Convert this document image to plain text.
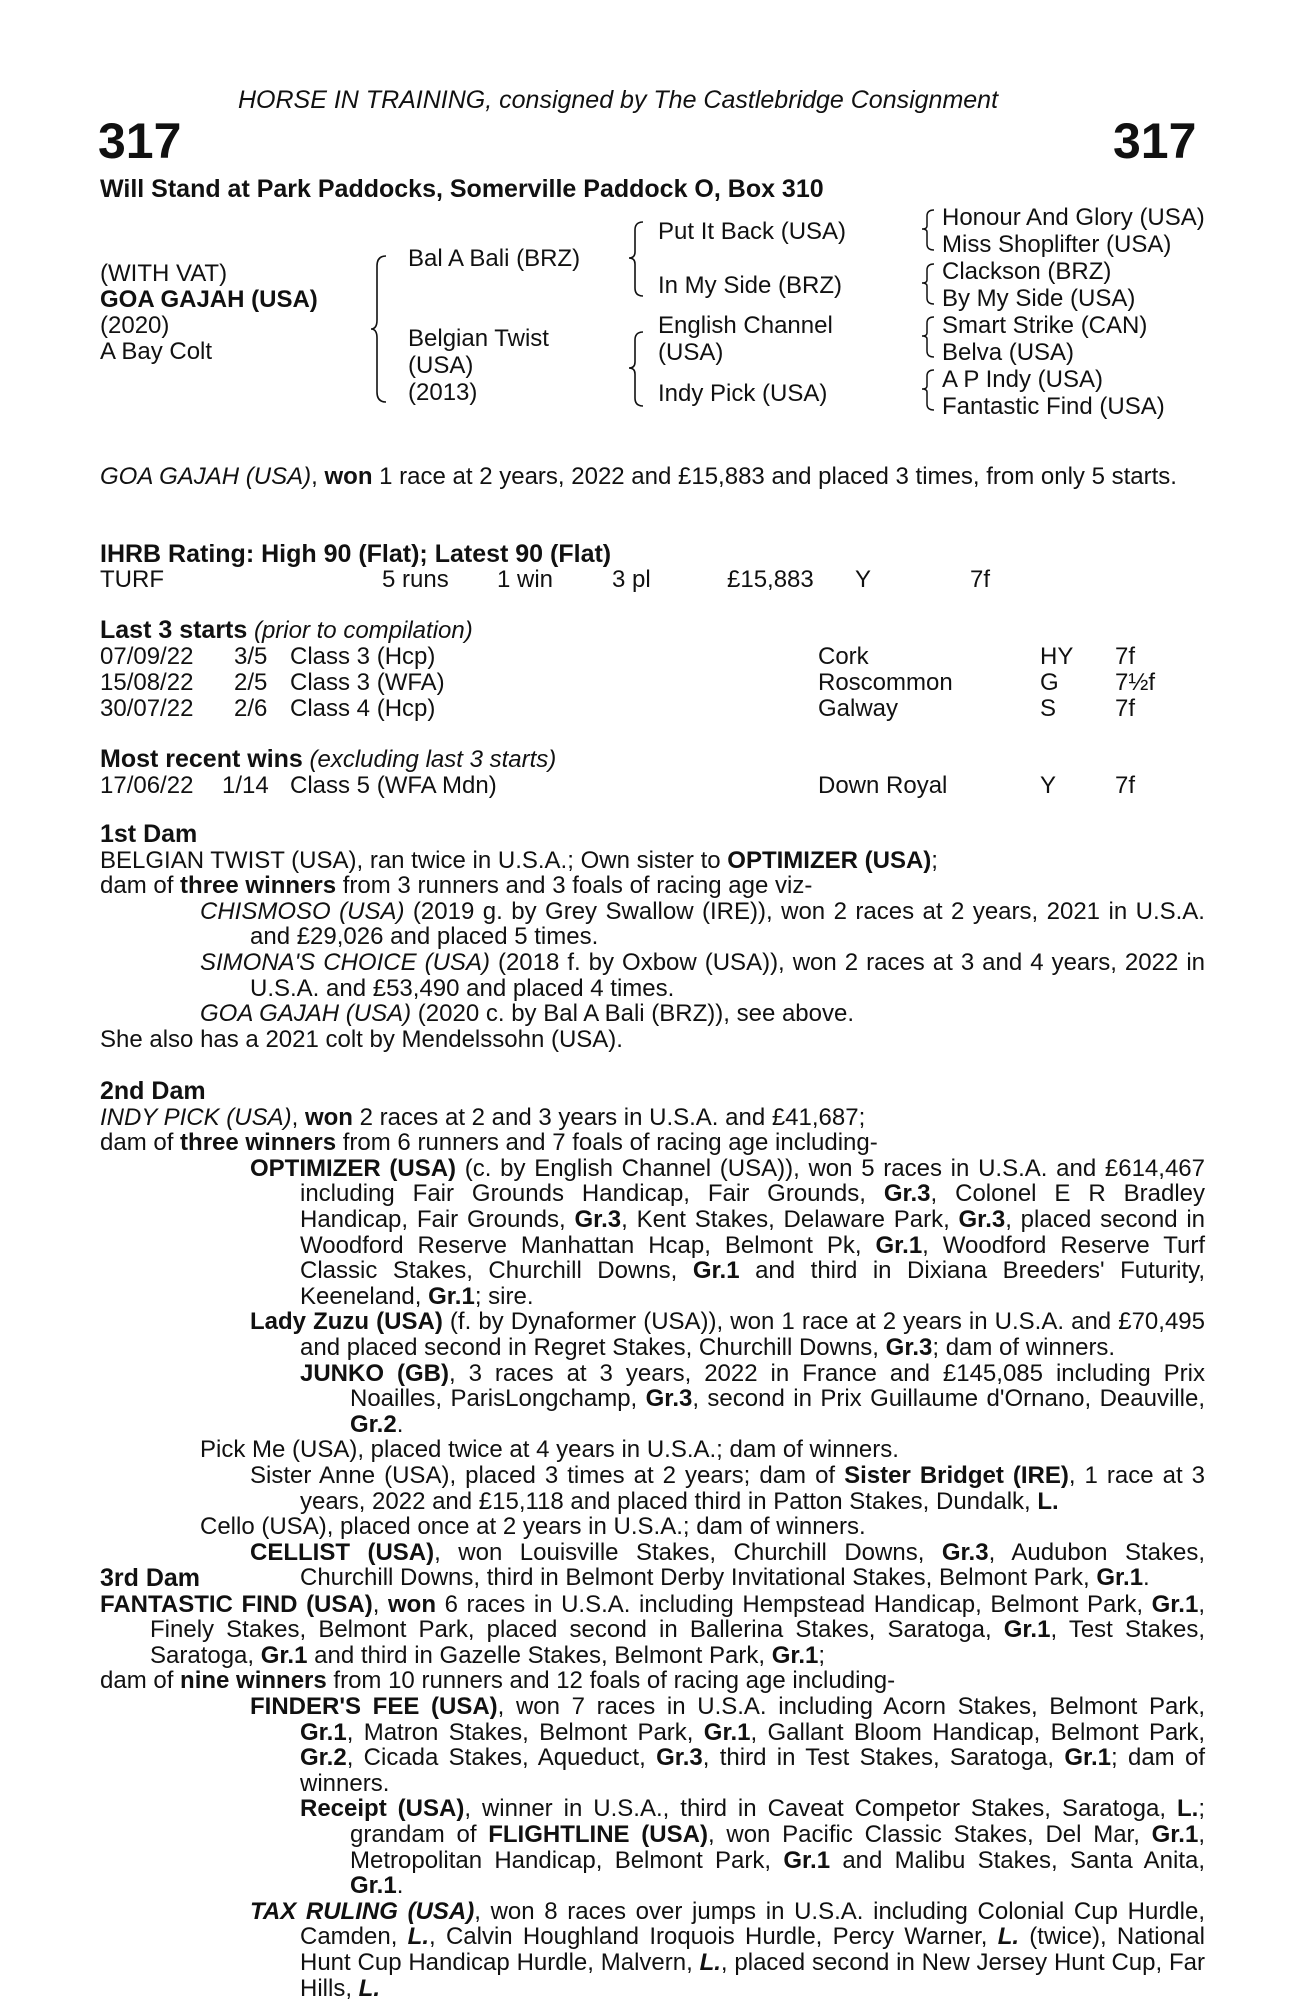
HORSE IN TRAINING, consigned by The Castlebridge Consignment
317	317
Will Stand at Park Paddocks, Somerville Paddock O, Box 310
(WITH VAT)
GOA GAJAH (USA)
(2020)
A Bay Colt
Bal A Bali (BRZ)
Belgian Twist
(USA)
(2013)
Put It Back (USA)
In My Side (BRZ)
English Channel
(USA)
Indy Pick (USA)
Honour And Glory (USA)
Miss Shoplifter (USA)
Clackson (BRZ)
By My Side (USA)
Smart Strike (CAN)
Belva (USA)
A P Indy (USA)
Fantastic Find (USA)
GOA GAJAH (USA), won 1 race at 2 years, 2022 and £15,883 and placed 3 times, from only 5 starts.
IHRB Rating: High 90 (Flat); Latest 90 (Flat)
TURF	5 runs 1 win 3 pl	£15,883 Y	7f
Last 3 starts (prior to compilation)
07/09/22 3/5 Class 3 (Hcp)	Cork	HY 7f
15/08/22 2/5 Class 3 (WFA)	Roscommon	G 7½f
30/07/22 2/6 Class 4 (Hcp)	Galway	S 7f
Most recent wins (excluding last 3 starts)
17/06/22 1/14 Class 5 (WFA Mdn)	Down Royal	Y 7f
1st Dam
BELGIAN TWIST (USA), ran twice in U.S.A.; Own sister to OPTIMIZER (USA);
dam of three winners from 3 runners and 3 foals of racing age viz-
CHISMOSO (USA) (2019 g. by Grey Swallow (IRE)), won 2 races at 2 years, 2021 in U.S.A. and £29,026 and placed 5 times.
SIMONA'S CHOICE (USA) (2018 f. by Oxbow (USA)), won 2 races at 3 and 4 years, 2022 in U.S.A. and £53,490 and placed 4 times.
GOA GAJAH (USA) (2020 c. by Bal A Bali (BRZ)), see above.
She also has a 2021 colt by Mendelssohn (USA).
2nd Dam
INDY PICK (USA), won 2 races at 2 and 3 years in U.S.A. and £41,687;
dam of three winners from 6 runners and 7 foals of racing age including-
OPTIMIZER (USA) (c. by English Channel (USA)), won 5 races in U.S.A. and £614,467 including Fair Grounds Handicap, Fair Grounds, Gr.3, Colonel E R Bradley Handicap, Fair Grounds, Gr.3, Kent Stakes, Delaware Park, Gr.3, placed second in Woodford Reserve Manhattan Hcap, Belmont Pk, Gr.1, Woodford Reserve Turf Classic Stakes, Churchill Downs, Gr.1 and third in Dixiana Breeders' Futurity, Keeneland, Gr.1; sire.
Lady Zuzu (USA) (f. by Dynaformer (USA)), won 1 race at 2 years in U.S.A. and £70,495 and placed second in Regret Stakes, Churchill Downs, Gr.3; dam of winners.
JUNKO (GB), 3 races at 3 years, 2022 in France and £145,085 including Prix Noailles, ParisLongchamp, Gr.3, second in Prix Guillaume d'Ornano, Deauville, Gr.2.
Pick Me (USA), placed twice at 4 years in U.S.A.; dam of winners.
Sister Anne (USA), placed 3 times at 2 years; dam of Sister Bridget (IRE), 1 race at 3 years, 2022 and £15,118 and placed third in Patton Stakes, Dundalk, L.
Cello (USA), placed once at 2 years in U.S.A.; dam of winners.
CELLIST (USA), won Louisville Stakes, Churchill Downs, Gr.3, Audubon Stakes, Churchill Downs, third in Belmont Derby Invitational Stakes, Belmont Park, Gr.1.
3rd Dam
FANTASTIC FIND (USA), won 6 races in U.S.A. including Hempstead Handicap, Belmont Park, Gr.1, Finely Stakes, Belmont Park, placed second in Ballerina Stakes, Saratoga, Gr.1, Test Stakes, Saratoga, Gr.1 and third in Gazelle Stakes, Belmont Park, Gr.1;
dam of nine winners from 10 runners and 12 foals of racing age including-
FINDER'S FEE (USA), won 7 races in U.S.A. including Acorn Stakes, Belmont Park, Gr.1, Matron Stakes, Belmont Park, Gr.1, Gallant Bloom Handicap, Belmont Park, Gr.2, Cicada Stakes, Aqueduct, Gr.3, third in Test Stakes, Saratoga, Gr.1; dam of winners.
Receipt (USA), winner in U.S.A., third in Caveat Competor Stakes, Saratoga, L.; grandam of FLIGHTLINE (USA), won Pacific Classic Stakes, Del Mar, Gr.1, Metropolitan Handicap, Belmont Park, Gr.1 and Malibu Stakes, Santa Anita, Gr.1.
TAX RULING (USA), won 8 races over jumps in U.S.A. including Colonial Cup Hurdle, Camden, L., Calvin Houghland Iroquois Hurdle, Percy Warner, L. (twice), National Hunt Cup Handicap Hurdle, Malvern, L., placed second in New Jersey Hunt Cup, Far Hills, L.
